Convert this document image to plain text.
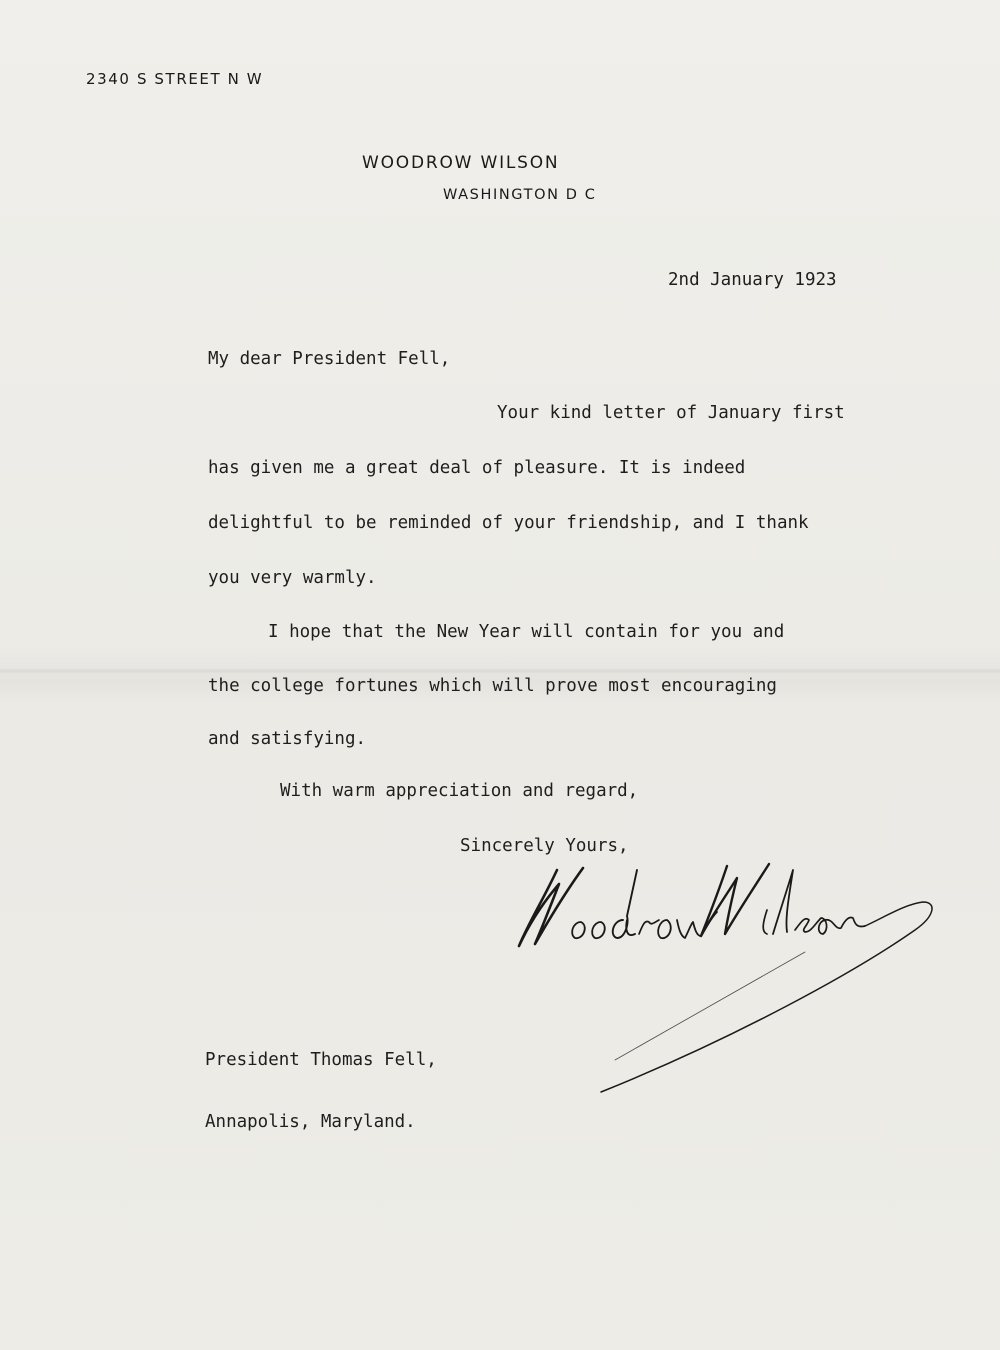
2340 S STREET N W
WOODROW WILSON
WASHINGTON D C
2nd January 1923
My dear President Fell,
Your kind letter of January first
has given me a great deal of pleasure. It is indeed
delightful to be reminded of your friendship, and I thank
you very warmly.
I hope that the New Year will contain for you and
the college fortunes which will prove most encouraging
and satisfying.
With warm appreciation and regard,
Sincerely Yours,
President Thomas Fell,
Annapolis, Maryland.
